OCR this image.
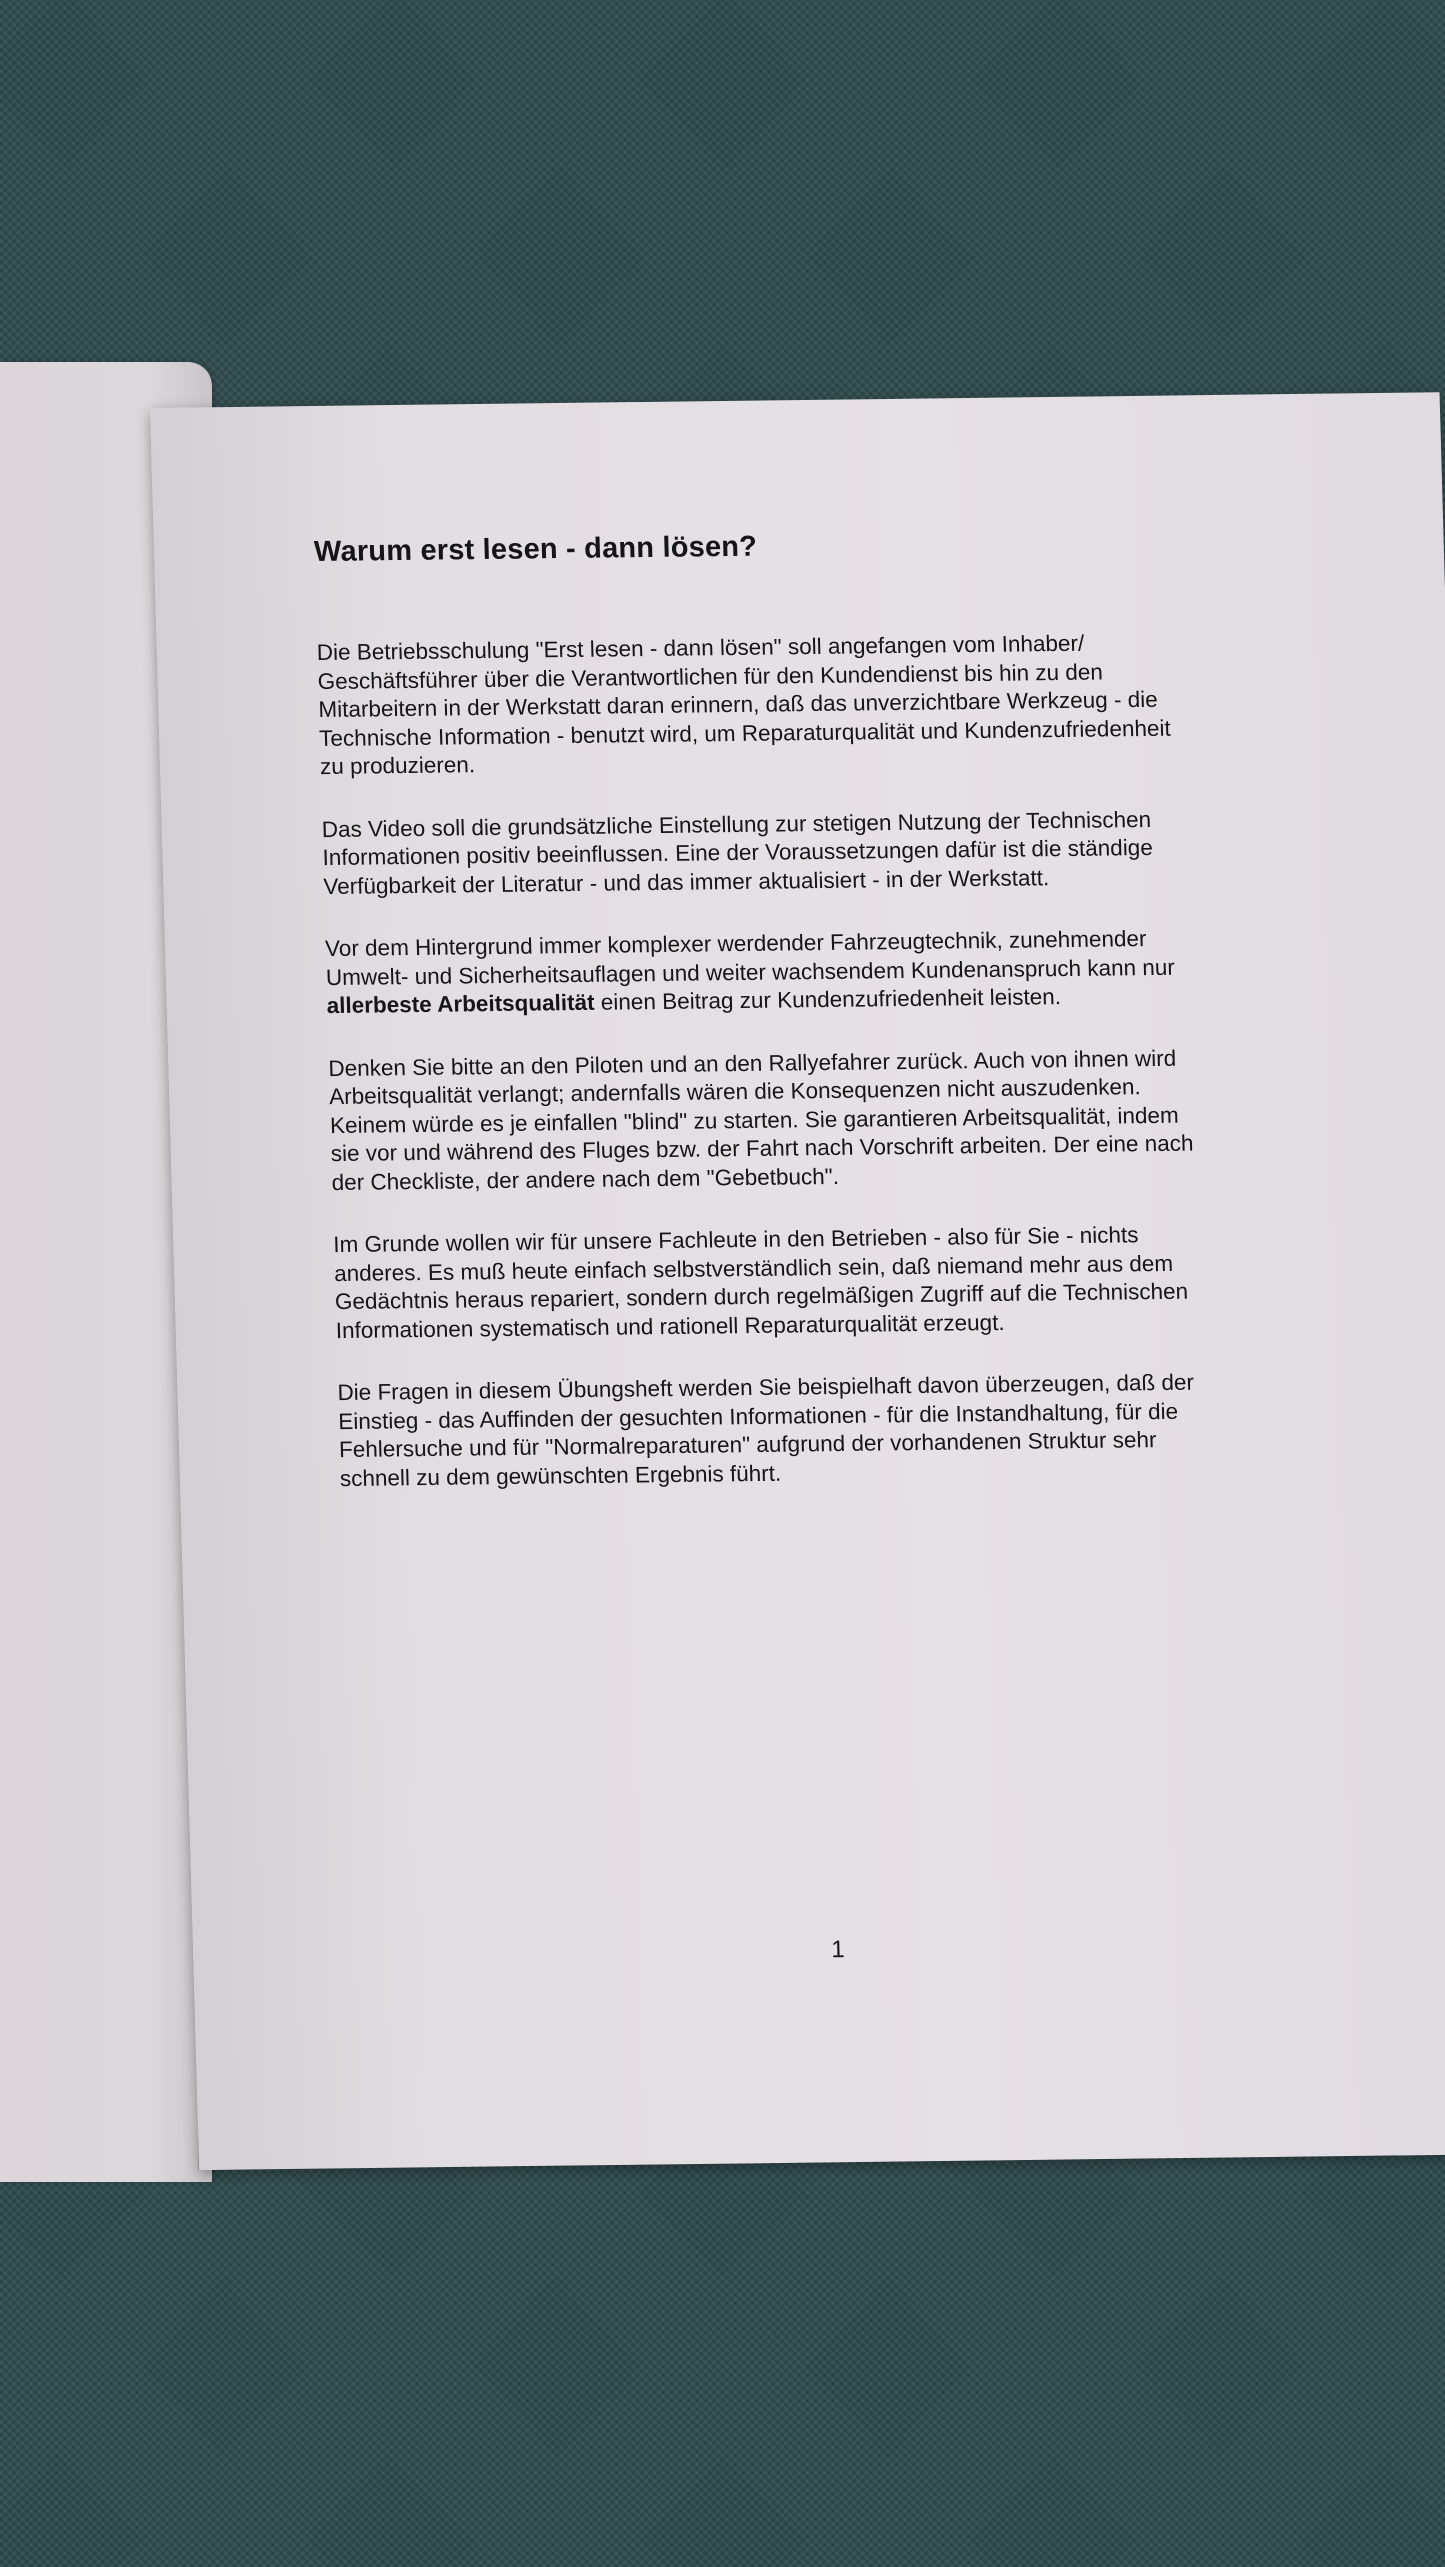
Warum erst lesen - dann lösen?

Die Betriebsschulung "Erst lesen - dann lösen" soll angefangen vom Inhaber/
Geschäftsführer über die Verantwortlichen für den Kundendienst bis hin zu den
Mitarbeitern in der Werkstatt daran erinnern, daß das unverzichtbare Werkzeug - die
Technische Information - benutzt wird, um Reparaturqualität und Kundenzufriedenheit
zu produzieren.

Das Video soll die grundsätzliche Einstellung zur stetigen Nutzung der Technischen
Informationen positiv beeinflussen. Eine der Voraussetzungen dafür ist die ständige
Verfügbarkeit der Literatur - und das immer aktualisiert - in der Werkstatt.

Vor dem Hintergrund immer komplexer werdender Fahrzeugtechnik, zunehmender
Umwelt- und Sicherheitsauflagen und weiter wachsendem Kundenanspruch kann nur
allerbeste Arbeitsqualität einen Beitrag zur Kundenzufriedenheit leisten.

Denken Sie bitte an den Piloten und an den Rallyefahrer zurück. Auch von ihnen wird
Arbeitsqualität verlangt; andernfalls wären die Konsequenzen nicht auszudenken.
Keinem würde es je einfallen "blind" zu starten. Sie garantieren Arbeitsqualität, indem
sie vor und während des Fluges bzw. der Fahrt nach Vorschrift arbeiten. Der eine nach
der Checkliste, der andere nach dem "Gebetbuch".

Im Grunde wollen wir für unsere Fachleute in den Betrieben - also für Sie - nichts
anderes. Es muß heute einfach selbstverständlich sein, daß niemand mehr aus dem
Gedächtnis heraus repariert, sondern durch regelmäßigen Zugriff auf die Technischen
Informationen systematisch und rationell Reparaturqualität erzeugt.

Die Fragen in diesem Übungsheft werden Sie beispielhaft davon überzeugen, daß der
Einstieg - das Auffinden der gesuchten Informationen - für die Instandhaltung, für die
Fehlersuche und für "Normalreparaturen" aufgrund der vorhandenen Struktur sehr
schnell zu dem gewünschten Ergebnis führt.

1
